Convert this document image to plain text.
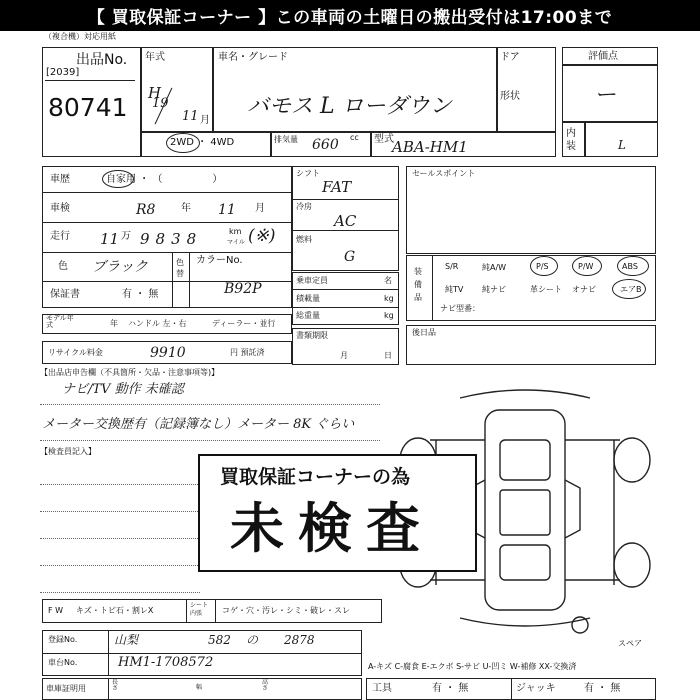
【 買取保証コーナー 】この車両の土曜日の搬出受付は17:00まで
（複合機）対応用紙
出品No.
[2039]
80741
年式
H
19
11 月
車名・グレード
バモス L ローダウン
ドア
形状
2WD ・ 4WD	排気量 660 cc 型式
ABA-HM1
評価点
ー
内装	L
車歴	自家用 ・ （　　　　　）
車検	R8	年 11 月
走行 11 万 9838	km
マイル (※)
色 ブラック	色替
カラーNo.
B92P
保証書	有 ・ 無
モデル年式	年 ハンドル 左・右	ディーラー・並行
リサイクル料金	9910	円 預託済
シフト
FAT
冷房
AC
燃料
G
乗車定員	名
積載量	kg
総重量	kg
書類期限
月	日
セールスポイント
装備品
S/R	純A/W	P/S	P/W	ABS
純TV 純ナビ	革シート オナビ	エアB
ナビ型番：
後日品
【出品店申告欄（不具箇所・欠品・注意事項等)】
ナビ/TV 動作 未確認
メーター交換歴有（記録簿なし）メーター 8K ぐらい
【検査員記入】
スペア
買取保証コーナーの為
未検査
F W キズ・トビ石・割レX
シート 内張	コゲ・穴・汚レ・シミ・破レ・スレ
登録No.	山梨	582 の 2878
車台No.	HM1-1708572
車庫証明用
長さ	幅
高さ
A-キズ C-腐食 E-エクボ S-サビ U-凹ミ W-補修 XX-交換済
工具	有 ・ 無	ジャッキ	有 ・ 無
